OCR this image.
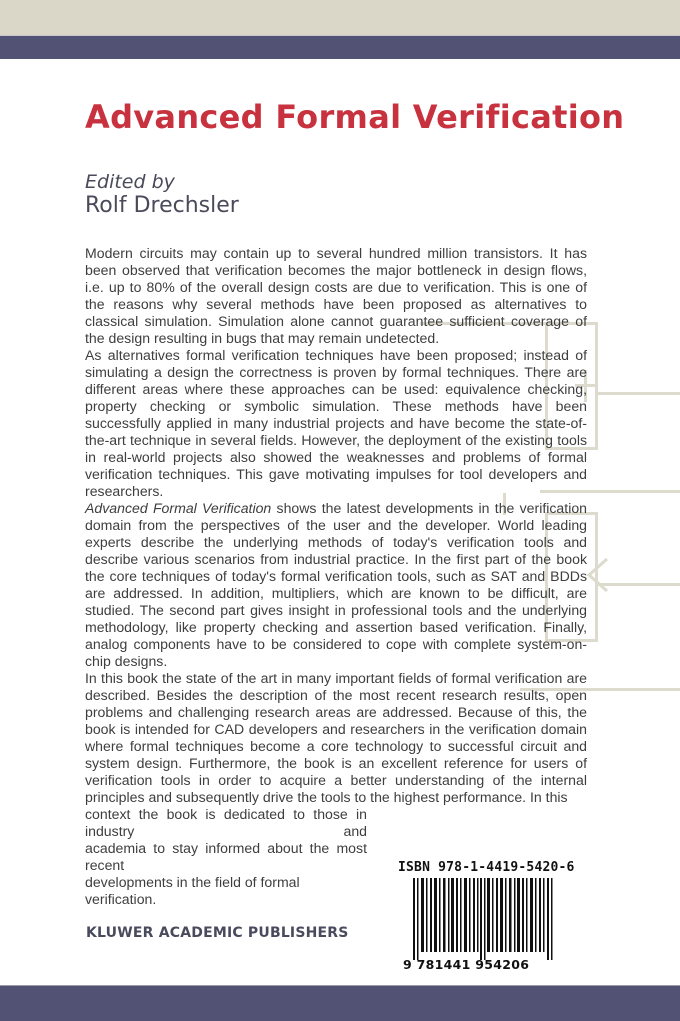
Advanced Formal Verification
Edited by
Rolf Drechsler

Modern circuits may contain up to several hundred million transistors. It has been observed that verification becomes the major bottleneck in design flows, i.e. up to 80% of the overall design costs are due to verification. This is one of the reasons why several methods have been proposed as alternatives to classical simulation. Simulation alone cannot guarantee sufficient coverage of the design resulting in bugs that may remain undetected.

As alternatives formal verification techniques have been proposed; instead of simulating a design the correctness is proven by formal techniques. There are different areas where these approaches can be used: equivalence checking, property checking or symbolic simulation. These methods have been successfully applied in many industrial projects and have become the state-of-the-art technique in several fields. However, the deployment of the existing tools in real-world projects also showed the weaknesses and problems of formal verification techniques. This gave motivating impulses for tool developers and researchers.

Advanced Formal Verification shows the latest developments in the verification domain from the perspectives of the user and the developer. World leading experts describe the underlying methods of today's verification tools and describe various scenarios from industrial practice. In the first part of the book the core techniques of today's formal verification tools, such as SAT and BDDs are addressed. In addition, multipliers, which are known to be difficult, are studied. The second part gives insight in professional tools and the underlying methodology, like property checking and assertion based verification. Finally, analog components have to be considered to cope with complete system-on-chip designs.

In this book the state of the art in many important fields of formal verification are described. Besides the description of the most recent research results, open problems and challenging research areas are addressed. Because of this, the book is intended for CAD developers and researchers in the verification domain where formal techniques become a core technology to successful circuit and system design. Furthermore, the book is an excellent reference for users of verification tools in order to acquire a better understanding of the internal principles and subsequently drive the tools to the highest performance. In this

context the book is dedicated to those in industry and

academia to stay informed about the most recent

developments in the field of formal verification.

ISBN 978-1-4419-5420-6
9 781441 954206
KLUWER ACADEMIC PUBLISHERS
